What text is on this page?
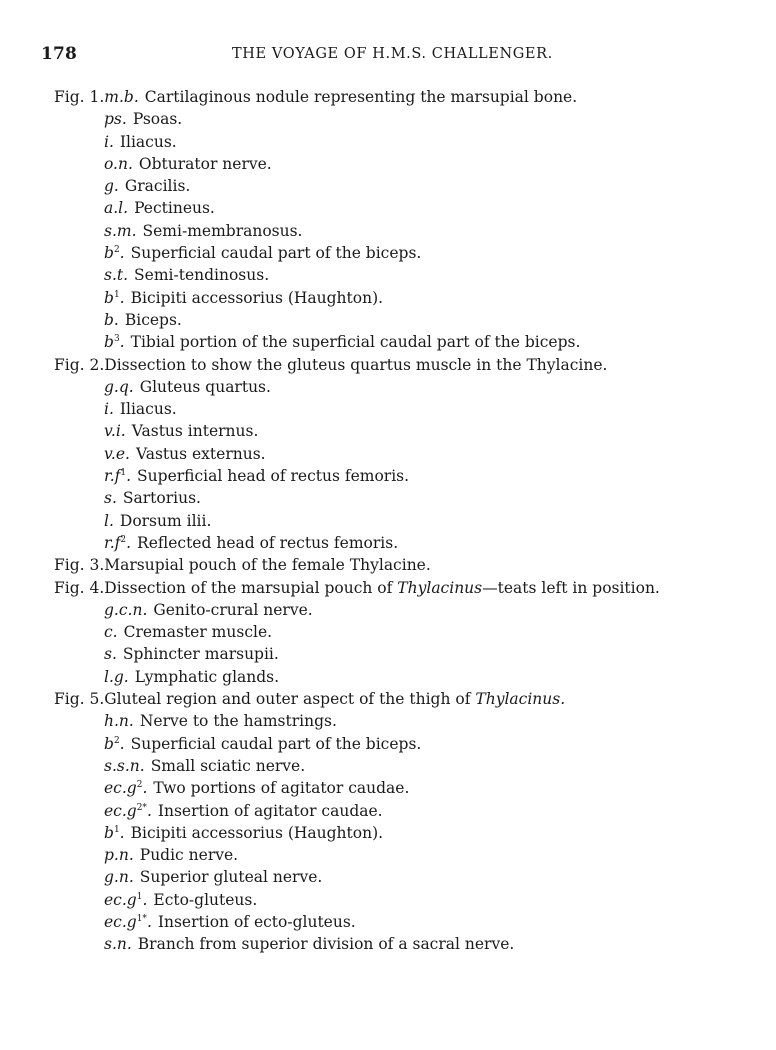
178	THE VOYAGE OF H.M.S. CHALLENGER.
Fig. 1.m.b. Cartilaginous nodule representing the marsupial bone.
ps. Psoas.
i. Iliacus.
o.n. Obturator nerve.
g. Gracilis.
a.l. Pectineus.
s.m. Semi-membranosus.
$b^2$. Superficial caudal part of the biceps.
s.t. Semi-tendinosus.
$b^1$. Bicipiti accessorius (Haughton).
b. Biceps.
$b^3$. Tibial portion of the superficial caudal part of the biceps.
Fig. 2.Dissection to show the gluteus quartus muscle in the Thylacine.
g.q. Gluteus quartus.
i. Iliacus.
v.i. Vastus internus.
v.e. Vastus externus.
$r.f^1$. Superficial head of rectus femoris.
s. Sartorius.
l. Dorsum ilii.
$r.f^2$. Reflected head of rectus femoris.
Fig. 3.Marsupial pouch of the female Thylacine.
Fig. 4.Dissection of the marsupial pouch of Thylacinus—teats left in position.
g.c.n. Genito-crural nerve.
c. Cremaster muscle.
s. Sphincter marsupii.
l.g. Lymphatic glands.
Fig. 5.Gluteal region and outer aspect of the thigh of Thylacinus.
h.n. Nerve to the hamstrings.
$b^2$. Superficial caudal part of the biceps.
s.s.n. Small sciatic nerve.
$ec.g^2$. Two portions of agitator caudae.
$ec.g^{2*}$. Insertion of agitator caudae.
$b^1$. Bicipiti accessorius (Haughton).
p.n. Pudic nerve.
g.n. Superior gluteal nerve.
$ec.g^1$. Ecto-gluteus.
$ec.g^{1*}$. Insertion of ecto-gluteus.
s.n. Branch from superior division of a sacral nerve.
